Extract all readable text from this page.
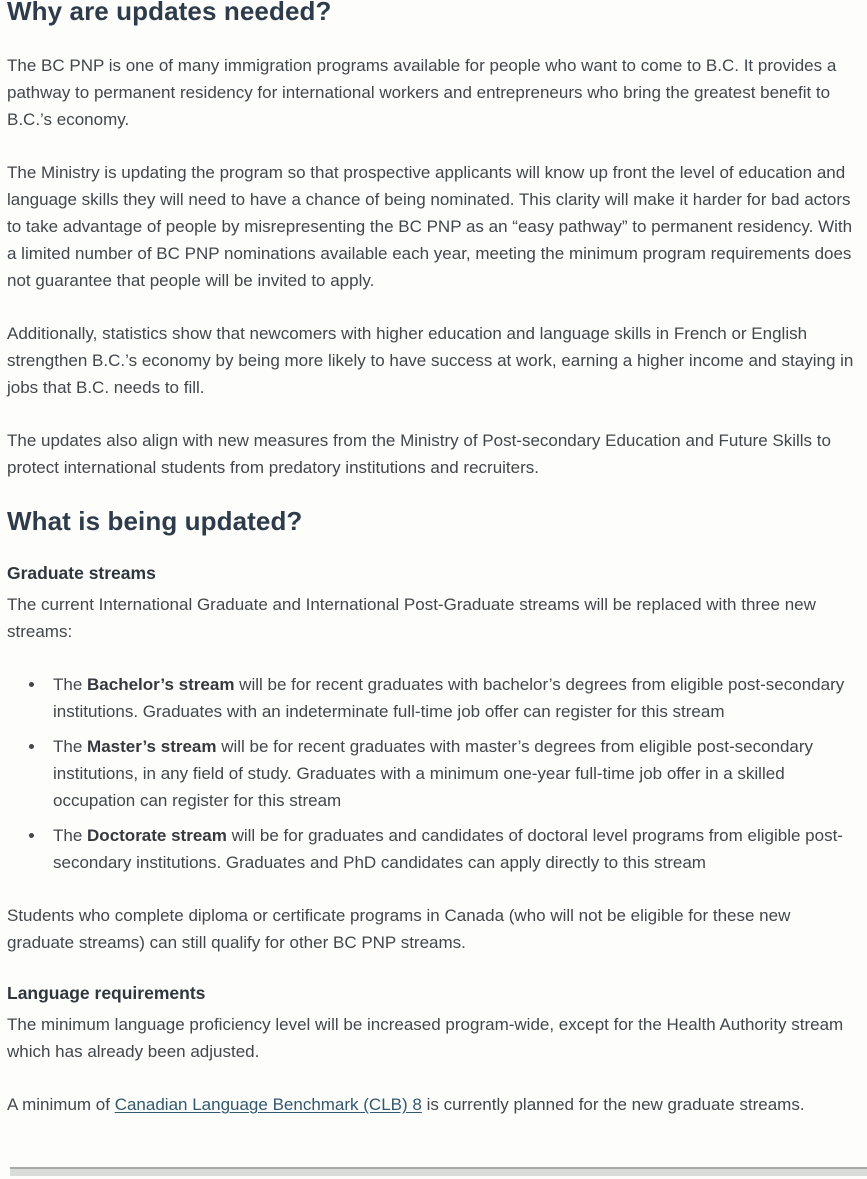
Why are updates needed?

The BC PNP is one of many immigration programs available for people who want to come to B.C. It provides a pathway to permanent residency for international workers and entrepreneurs who bring the greatest benefit to B.C.’s economy.

The Ministry is updating the program so that prospective applicants will know up front the level of education and language skills they will need to have a chance of being nominated. This clarity will make it harder for bad actors to take advantage of people by misrepresenting the BC PNP as an “easy pathway” to permanent residency. With a limited number of BC PNP nominations available each year, meeting the minimum program requirements does not guarantee that people will be invited to apply.

Additionally, statistics show that newcomers with higher education and language skills in French or English strengthen B.C.’s economy by being more likely to have success at work, earning a higher income and staying in jobs that B.C. needs to fill.

The updates also align with new measures from the Ministry of Post-secondary Education and Future Skills to protect international students from predatory institutions and recruiters.

What is being updated?
Graduate streams

The current International Graduate and International Post-Graduate streams will be replaced with three new streams:

• The Bachelor’s stream will be for recent graduates with bachelor’s degrees from eligible post-secondary institutions. Graduates with an indeterminate full-time job offer can register for this stream
• The Master’s stream will be for recent graduates with master’s degrees from eligible post-secondary institutions, in any field of study. Graduates with a minimum one-year full-time job offer in a skilled occupation can register for this stream
• The Doctorate stream will be for graduates and candidates of doctoral level programs from eligible post-secondary institutions. Graduates and PhD candidates can apply directly to this stream

Students who complete diploma or certificate programs in Canada (who will not be eligible for these new graduate streams) can still qualify for other BC PNP streams.

Language requirements

The minimum language proficiency level will be increased program-wide, except for the Health Authority stream which has already been adjusted.

A minimum of Canadian Language Benchmark (CLB) 8 is currently planned for the new graduate streams.
